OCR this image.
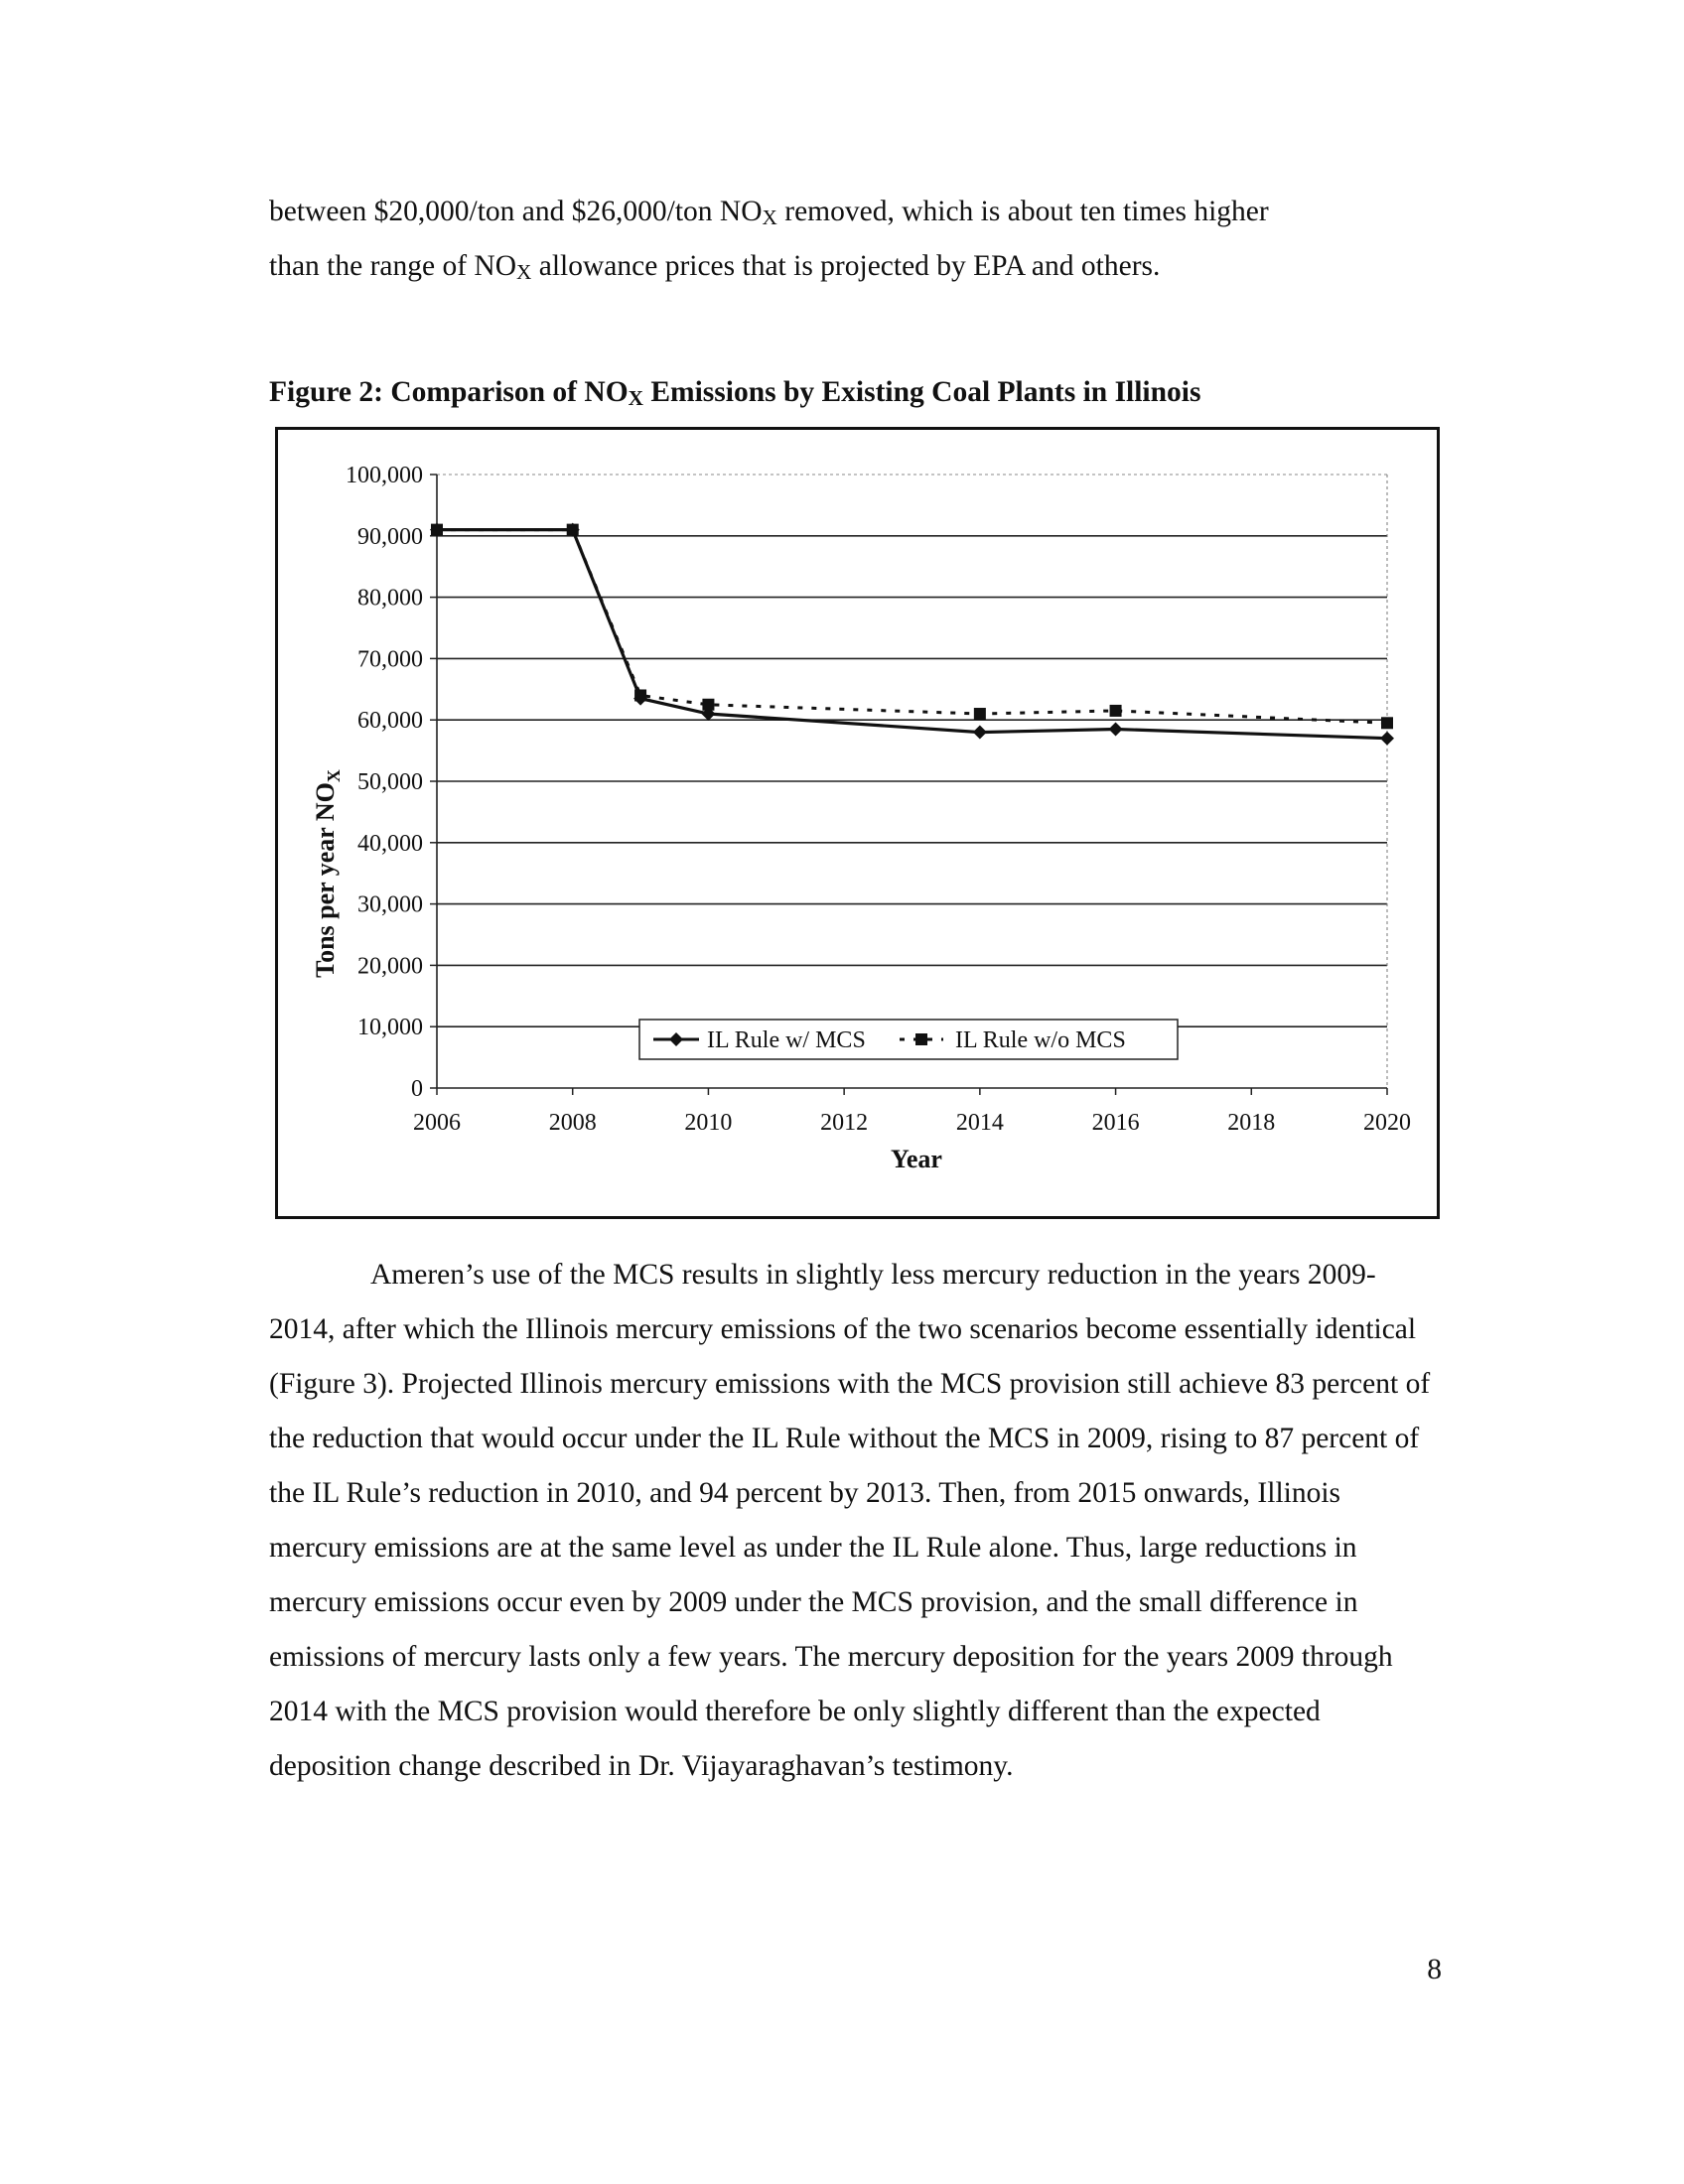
between $20,000/ton and $26,000/ton $NO_X$ removed, which is about ten times higher
than the range of $NO_X$ allowance prices that is projected by EPA and others.

Figure 2: Comparison of $NO_X$ Emissions by Existing Coal Plants in Illinois

0
10,000
20,000
30,000
40,000
50,000
60,000
70,000
80,000
90,000
100,000
2006	2008	2010	2012	2014	2016	2018	2020
IL Rule w/ MCS	IL Rule w/o MCS
Year
Tons per year $NO_X$

Ameren’s use of the MCS results in slightly less mercury reduction in the years 2009-2014, after which the Illinois mercury emissions of the two scenarios become essentially identical (Figure 3). Projected Illinois mercury emissions with the MCS provision still achieve 83 percent of the reduction that would occur under the IL Rule without the MCS in 2009, rising to 87 percent of the IL Rule’s reduction in 2010, and 94 percent by 2013. Then, from 2015 onwards, Illinois mercury emissions are at the same level as under the IL Rule alone. Thus, large reductions in mercury emissions occur even by 2009 under the MCS provision, and the small difference in emissions of mercury lasts only a few years. The mercury deposition for the years 2009 through 2014 with the MCS provision would therefore be only slightly different than the expected deposition change described in Dr. Vijayaraghavan’s testimony.

8
